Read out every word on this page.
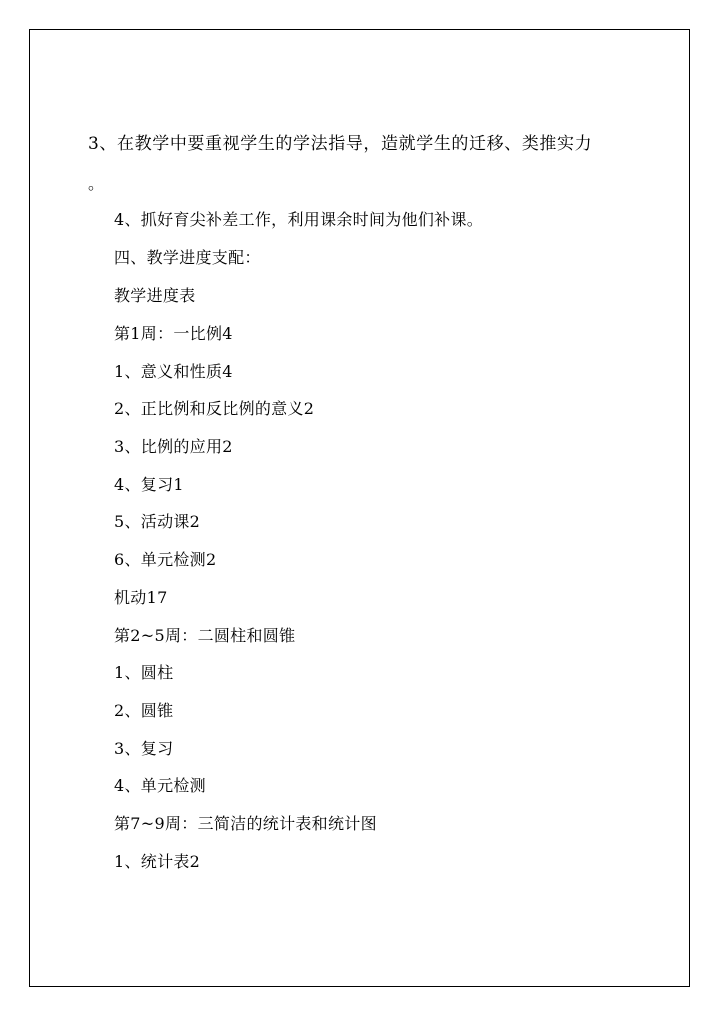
3、在教学中要重视学生的学法指导，造就学生的迁移、类推实力
。
4、抓好育尖补差工作，利用课余时间为他们补课。
四、教学进度支配：
教学进度表
第1周：一比例4
1、意义和性质4
2、正比例和反比例的意义2
3、比例的应用2
4、复习1
5、活动课2
6、单元检测2
机动17
第2~5周：二圆柱和圆锥
1、圆柱
2、圆锥
3、复习
4、单元检测
第7~9周：三简洁的统计表和统计图
1、统计表2
